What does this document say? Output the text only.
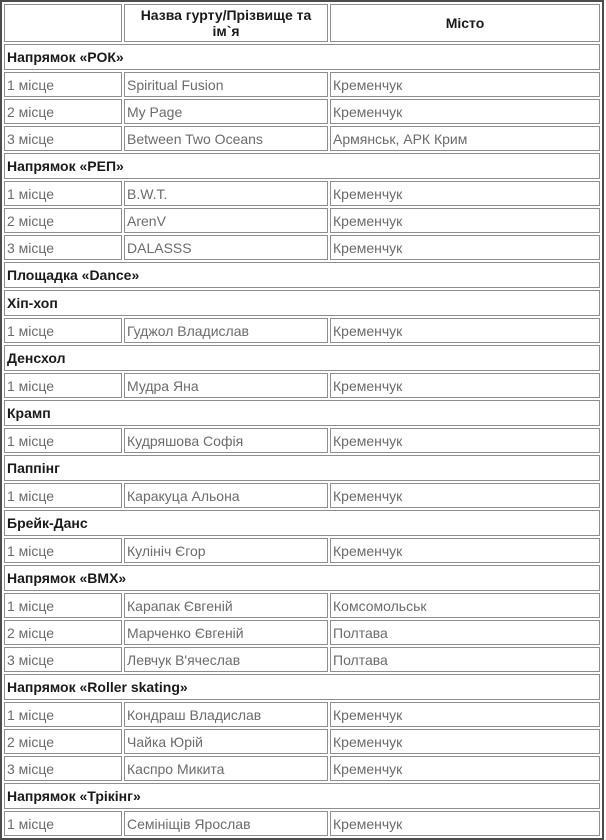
	Назва гурту/Прізвище та ім`я	Місто
Напрямок «РОК»		
1 місце	Spiritual Fusion	Кременчук
2 місце	My Page	Кременчук
3 місце	Between Two Oceans	Армянськ, АРК Крим
Напрямок «РЕП»		
1 місце	B.W.T.	Кременчук
2 місце	ArenV	Кременчук
3 місце	DALASSS	Кременчук
Площадка «Dance»		
Хіп-хоп		
1 місце	Гуджол Владислав	Кременчук
Денсхол		
1 місце	Мудра Яна	Кременчук
Крамп		
1 місце	Кудряшова Софія	Кременчук
Паппінг		
1 місце	Каракуца Альона	Кременчук
Брейк-Данс		
1 місце	Кулініч Єгор	Кременчук
Напрямок «ВМХ»		
1 місце	Карапак Євгеній	Комсомольськ
2 місце	Марченко Євгеній	Полтава
3 місце	Левчук В'ячеслав	Полтава
Напрямок «Roller skating»		
1 місце	Кондраш Владислав	Кременчук
2 місце	Чайка Юрій	Кременчук
3 місце	Каспро Микита	Кременчук
Напрямок «Трікінг»		
1 місце	Семініщів Ярослав	Кременчук
